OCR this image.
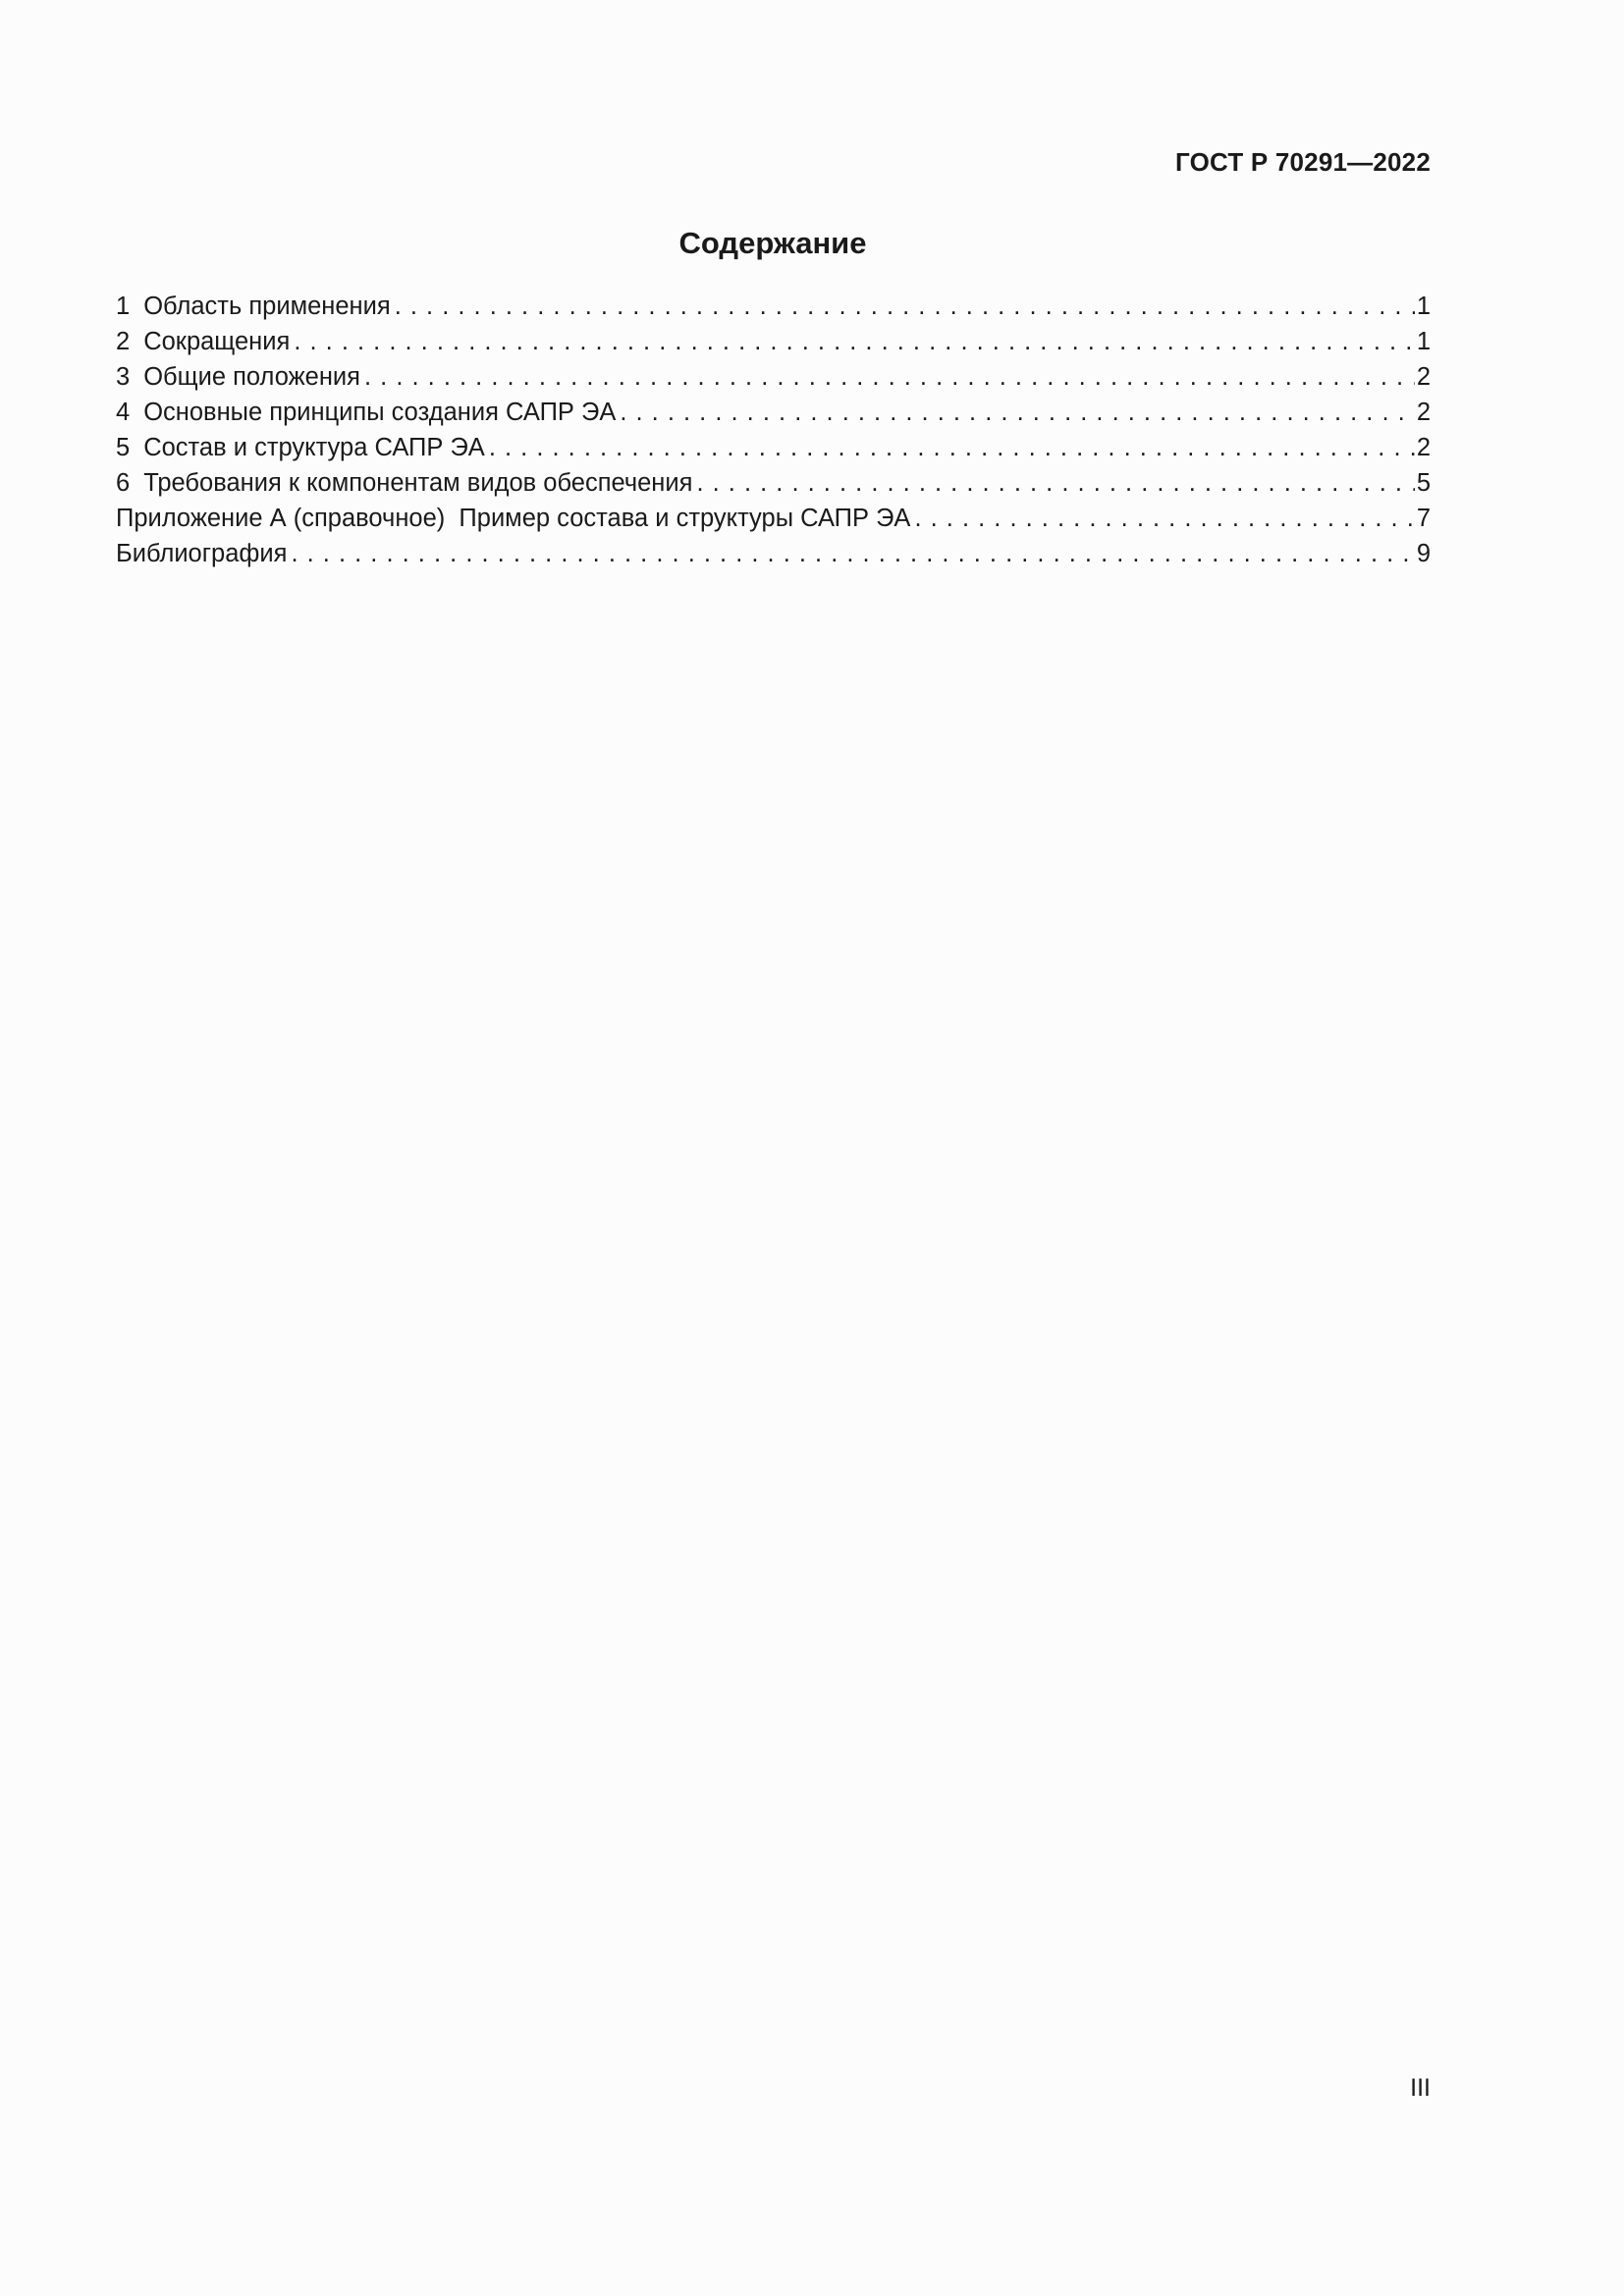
ГОСТ Р 70291—2022
Содержание
1 Область применения . . .	1
2 Сокращения . . .	1
3 Общие положения . . .	2
4 Основные принципы создания САПР ЭА . . .	2
5 Состав и структура САПР ЭА . . .	2
6 Требования к компонентам видов обеспечения . . .	5
Приложение А (справочное)  Пример состава и структуры САПР ЭА . . .	7
Библиография . . .	9
III
